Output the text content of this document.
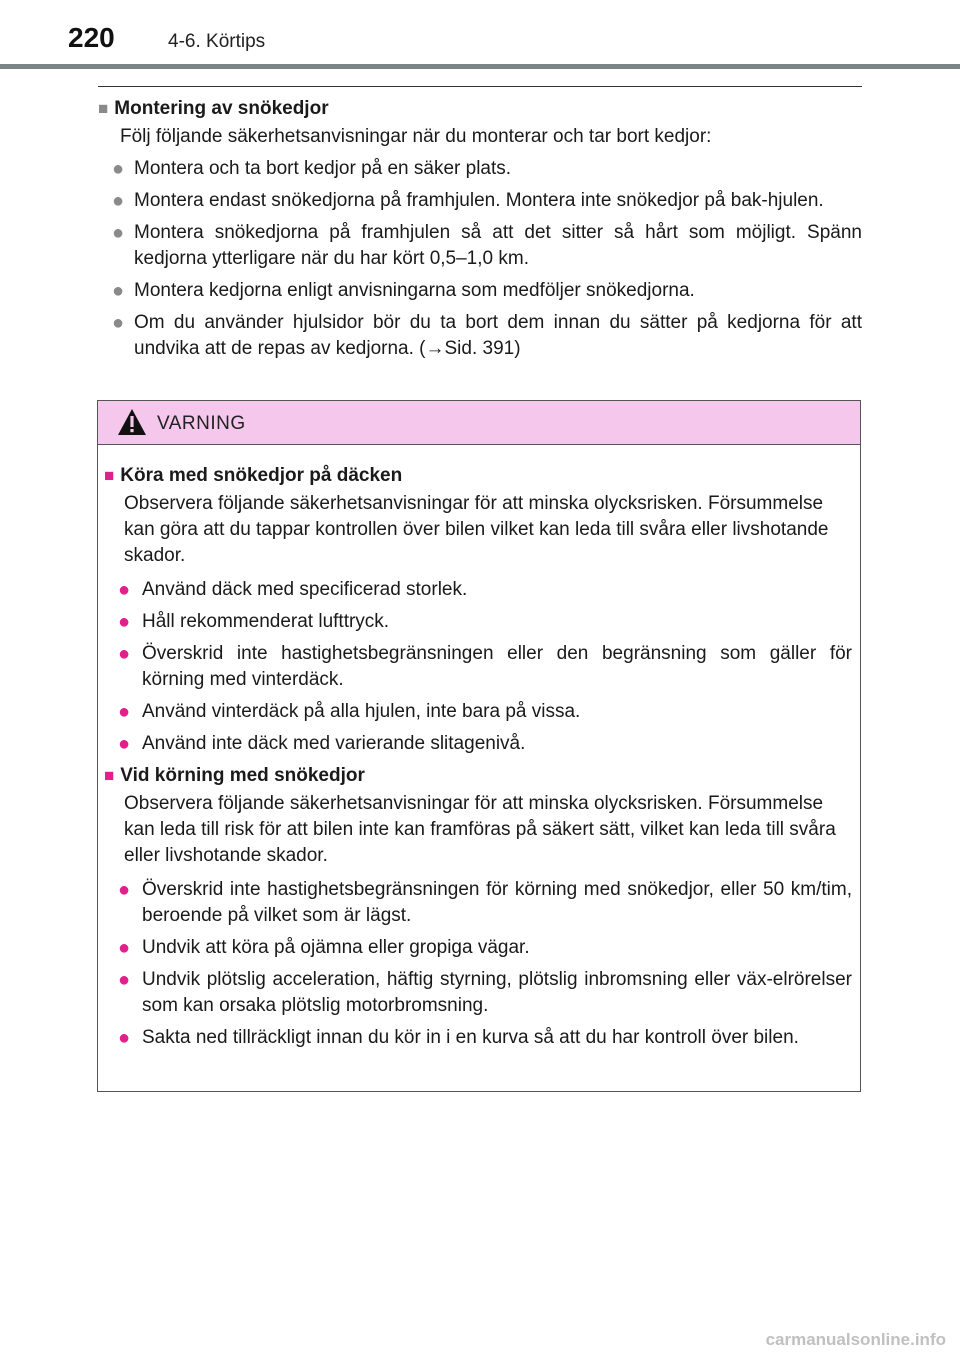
220	4-6. Körtips
■ Montering av snökedjor
Följ följande säkerhetsanvisningar när du monterar och tar bort kedjor:
● Montera och ta bort kedjor på en säker plats.
● Montera endast snökedjorna på framhjulen. Montera inte snökedjor på bak-hjulen.
● Montera snökedjorna på framhjulen så att det sitter så hårt som möjligt. Spänn kedjorna ytterligare när du har kört 0,5–1,0 km.
● Montera kedjorna enligt anvisningarna som medföljer snökedjorna.
● Om du använder hjulsidor bör du ta bort dem innan du sätter på kedjorna för att undvika att de repas av kedjorna. (→Sid. 391)
VARNING
■ Köra med snökedjor på däcken
Observera följande säkerhetsanvisningar för att minska olycksrisken. Försummelse kan göra att du tappar kontrollen över bilen vilket kan leda till svåra eller livshotande skador.
● Använd däck med specificerad storlek.
● Håll rekommenderat lufttryck.
● Överskrid inte hastighetsbegränsningen eller den begränsning som gäller för körning med vinterdäck.
● Använd vinterdäck på alla hjulen, inte bara på vissa.
● Använd inte däck med varierande slitagenivå.
■ Vid körning med snökedjor
Observera följande säkerhetsanvisningar för att minska olycksrisken. Försummelse kan leda till risk för att bilen inte kan framföras på säkert sätt, vilket kan leda till svåra eller livshotande skador.
● Överskrid inte hastighetsbegränsningen för körning med snökedjor, eller 50 km/tim, beroende på vilket som är lägst.
● Undvik att köra på ojämna eller gropiga vägar.
● Undvik plötslig acceleration, häftig styrning, plötslig inbromsning eller väx-elrörelser som kan orsaka plötslig motorbromsning.
● Sakta ned tillräckligt innan du kör in i en kurva så att du har kontroll över bilen.
carmanualsonline.info
